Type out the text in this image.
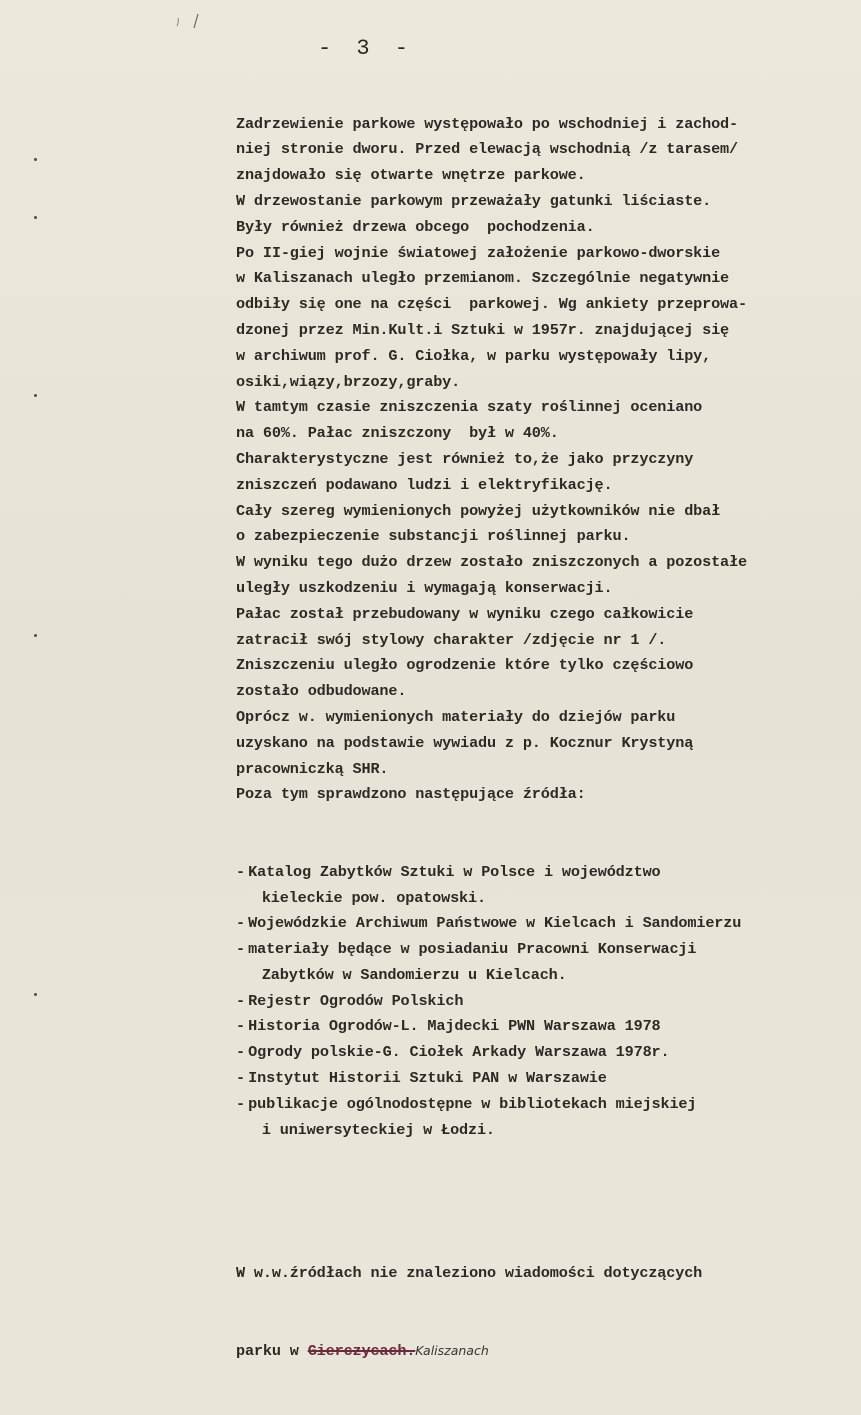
- 3 -

Zadrzewienie parkowe występowało po wschodniej i zachod-
niej stronie dworu. Przed elewacją wschodnią /z tarasem/
znajdowało się otwarte wnętrze parkowe.
W drzewostanie parkowym przeważały gatunki liściaste.
Były również drzewa obcego  pochodzenia.
Po II-giej wojnie światowej założenie parkowo-dworskie
w Kaliszanach uległo przemianom. Szczególnie negatywnie
odbiły się one na części  parkowej. Wg ankiety przeprowa-
dzonej przez Min.Kult.i Sztuki w 1957r. znajdującej się
w archiwum prof. G. Ciołka, w parku występowały lipy,
osiki,wiązy,brzozy,graby.
W tamtym czasie zniszczenia szaty roślinnej oceniano
na 60%. Pałac zniszczony  był w 40%.
Charakterystyczne jest również to,że jako przyczyny
zniszczeń podawano ludzi i elektryfikację.
Cały szereg wymienionych powyżej użytkowników nie dbał
o zabezpieczenie substancji roślinnej parku.
W wyniku tego dużo drzew zostało zniszczonych a pozostałe
uległy uszkodzeniu i wymagają konserwacji.
Pałac został przebudowany w wyniku czego całkowicie
zatracił swój stylowy charakter /zdjęcie nr 1 /.
Zniszczeniu uległo ogrodzenie które tylko częściowo
zostało odbudowane.
Oprócz w. wymienionych materiały do dziejów parku
uzyskano na podstawie wywiadu z p. Kocznur Krystyną
pracowniczką SHR.
Poza tym sprawdzono następujące źródła:

- Katalog Zabytków Sztuki w Polsce i województwo
kieleckie pow. opatowski.
- Wojewódzkie Archiwum Państwowe w Kielcach i Sandomierzu
- materiały będące w posiadaniu Pracowni Konserwacji
Zabytków w Sandomierzu u Kielcach.
- Rejestr Ogrodów Polskich
- Historia Ogrodów-L. Majdecki PWN Warszawa 1978
- Ogrody polskie-G. Ciołek Arkady Warszawa 1978r.
- Instytut Historii Sztuki PAN w Warszawie
- publikacje ogólnodostępne w bibliotekach miejskiej
i uniwersyteckiej w Łodzi.

W w.w.źródłach nie znaleziono wiadomości dotyczących

parku w Gierczycach.Kaliszanach
